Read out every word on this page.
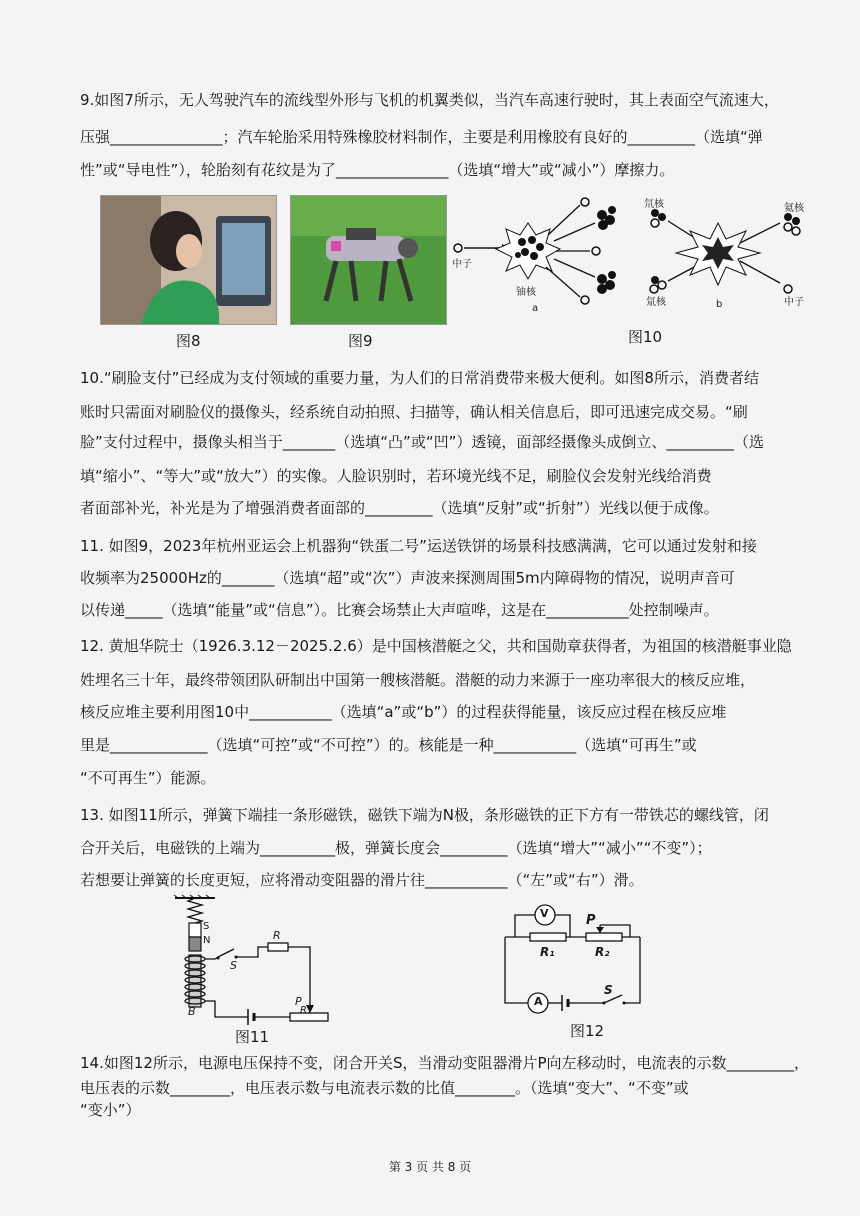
9.如图7所示，无人驾驶汽车的流线型外形与飞机的机翼类似，当汽车高速行驶时，其上表面空气流速大，
压强_______________；汽车轮胎采用特殊橡胶材料制作，主要是利用橡胶有良好的_________（选填“弹
性”或“导电性”），轮胎刻有花纹是为了_______________（选填“增大”或“减小”）摩擦力。
图8	图9
中子
铀核
a
氘核
氚核	b
氦核
中子
图10
10.“刷脸支付”已经成为支付领域的重要力量，为人们的日常消费带来极大便利。如图8所示，消费者结
账时只需面对刷脸仪的摄像头，经系统自动拍照、扫描等，确认相关信息后，即可迅速完成交易。“刷
脸”支付过程中，摄像头相当于_______（选填“凸”或“凹”）透镜，面部经摄像头成倒立、_________（选
填“缩小”、“等大”或“放大”）的实像。人脸识别时，若环境光线不足，刷脸仪会发射光线给消费
者面部补光，补光是为了增强消费者面部的_________（选填“反射”或“折射”）光线以便于成像。
11. 如图9，2023年杭州亚运会上机器狗“铁蛋二号”运送铁饼的场景科技感满满，它可以通过发射和接
收频率为25000Hz的_______（选填“超”或“次”）声波来探测周围5m内障碍物的情况，说明声音可
以传递_____（选填“能量”或“信息”）。比赛会场禁止大声喧哗，这是在___________处控制噪声。
12. 黄旭华院士（1926.3.12－2025.2.6）是中国核潜艇之父，共和国勋章获得者，为祖国的核潜艇事业隐
姓埋名三十年，最终带领团队研制出中国第一艘核潜艇。潜艇的动力来源于一座功率很大的核反应堆，
核反应堆主要利用图10中___________（选填“a”或“b”）的过程获得能量，该反应过程在核反应堆
里是_____________（选填“可控”或“不可控”）的。核能是一种___________（选填“可再生”或
“不可再生”）能源。
13. 如图11所示，弹簧下端挂一条形磁铁，磁铁下端为N极，条形磁铁的正下方有一带铁芯的螺线管，闭
合开关后，电磁铁的上端为__________极，弹簧长度会_________（选填“增大”“减小”“不变”）；
若想要让弹簧的长度更短，应将滑动变阻器的滑片往___________（“左”或“右”）滑。
S
N
S
R
P
R₁
B
图11
V	P
R₁	R₂
A
S
图12
14.如图12所示，电源电压保持不变，闭合开关S，当滑动变阻器滑片P向左移动时，电流表的示数_________，
电压表的示数________，电压表示数与电流表示数的比值________。（选填“变大”、“不变”或
“变小”）
第 3 页 共 8 页
